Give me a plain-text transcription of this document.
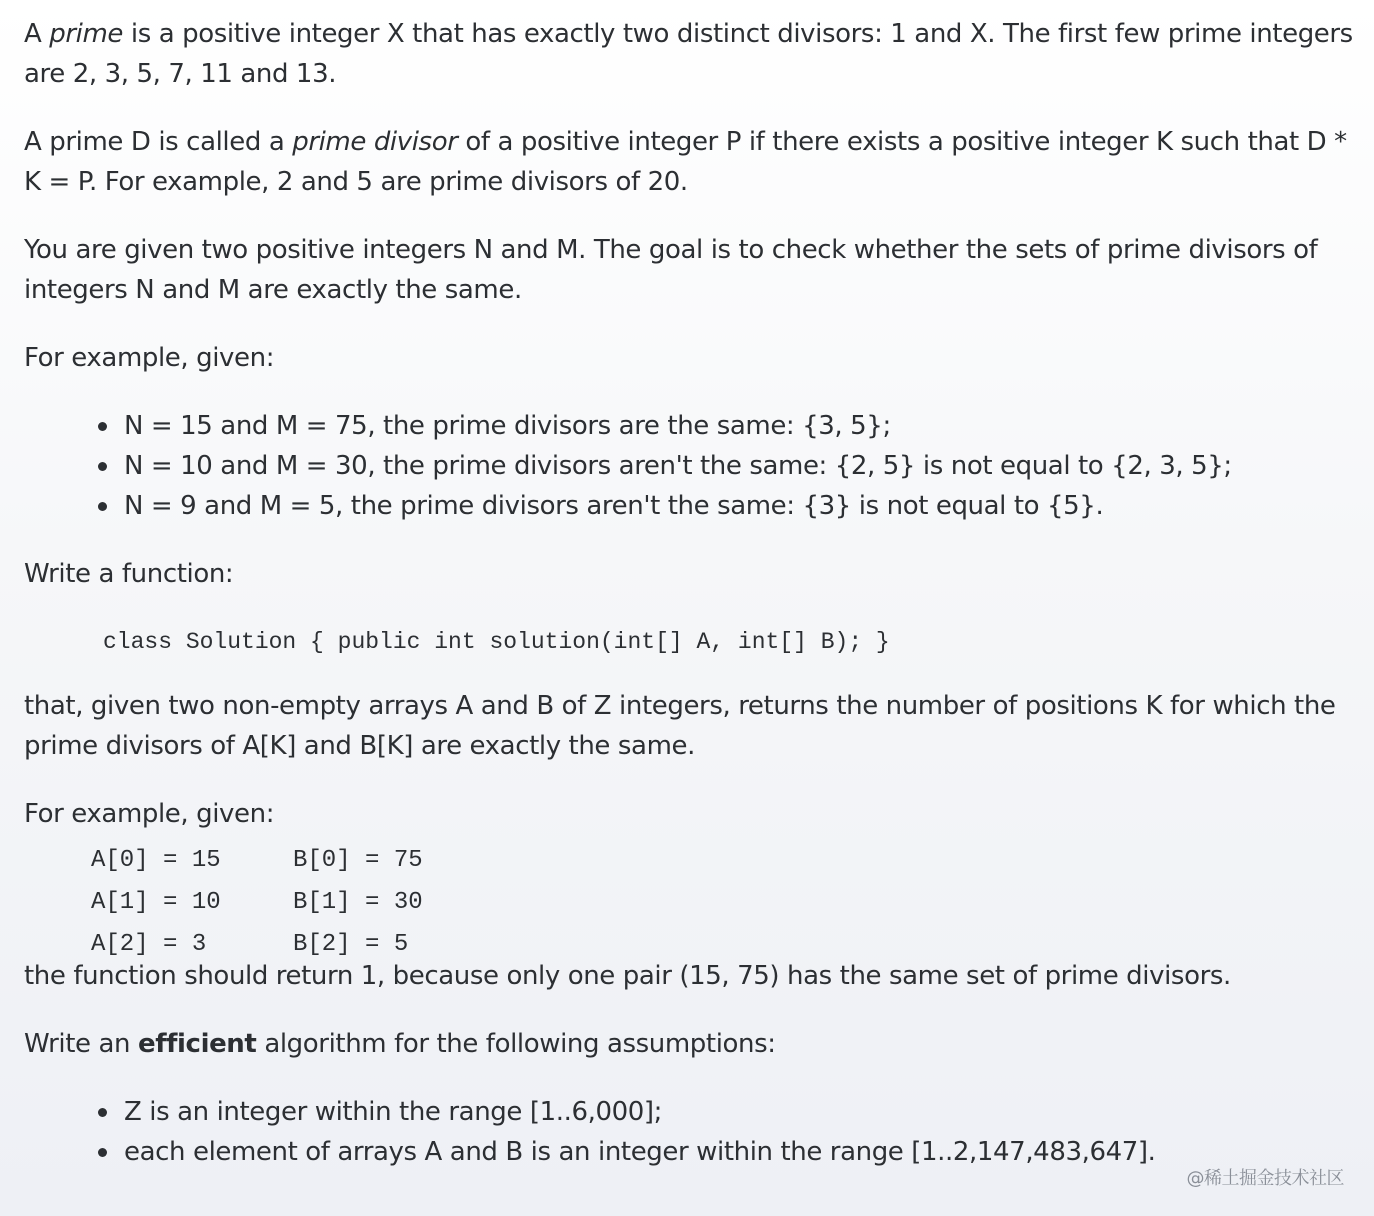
A prime is a positive integer X that has exactly two distinct divisors: 1 and X. The first few prime integers are 2, 3, 5, 7, 11 and 13.

A prime D is called a prime divisor of a positive integer P if there exists a positive integer K such that D * K = P. For example, 2 and 5 are prime divisors of 20.

You are given two positive integers N and M. The goal is to check whether the sets of prime divisors of integers N and M are exactly the same.

For example, given:

N = 15 and M = 75, the prime divisors are the same: {3, 5};
N = 10 and M = 30, the prime divisors aren't the same: {2, 5} is not equal to {2, 3, 5};
N = 9 and M = 5, the prime divisors aren't the same: {3} is not equal to {5}.

Write a function:

class Solution { public int solution(int[] A, int[] B); }

that, given two non-empty arrays A and B of Z integers, returns the number of positions K for which the prime divisors of A[K] and B[K] are exactly the same.

For example, given:

A[0] = 15	B[0] = 75
A[1] = 10	B[1] = 30
A[2] = 3	B[2] = 5

the function should return 1, because only one pair (15, 75) has the same set of prime divisors.

Write an efficient algorithm for the following assumptions:

Z is an integer within the range [1..6,000];
each element of arrays A and B is an integer within the range [1..2,147,483,647].
@稀土掘金技术社区
